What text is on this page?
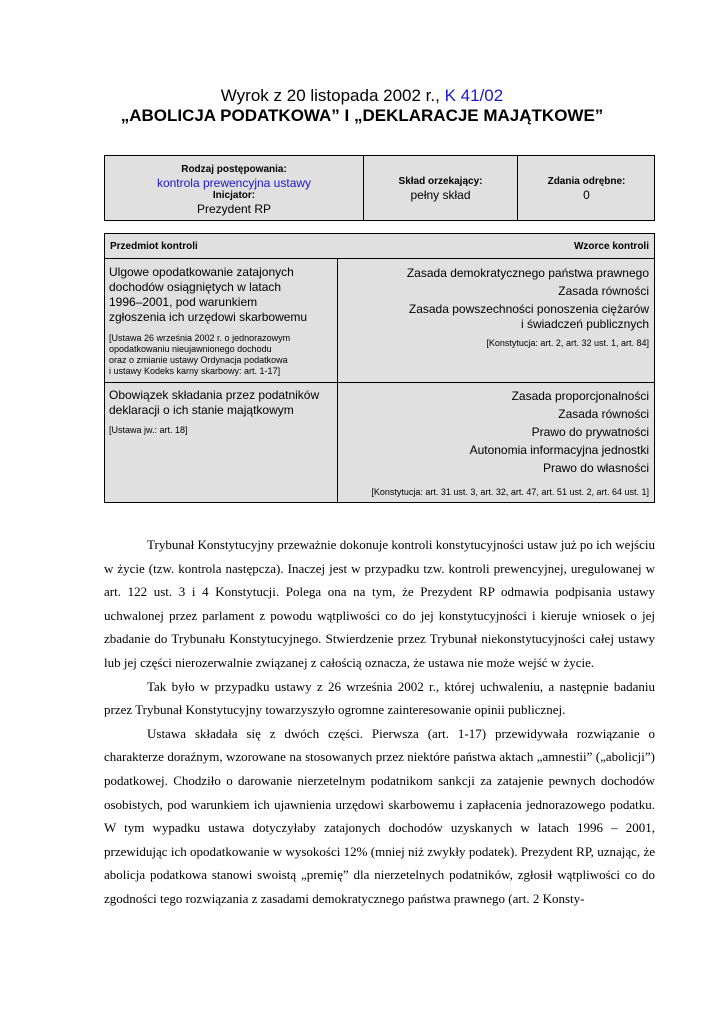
Wyrok z 20 listopada 2002 r., K 41/02
„ABOLICJA PODATKOWA” I „DEKLARACJE MAJĄTKOWE”
Rodzaj postępowania:
kontrola prewencyjna ustawy
Inicjator:
Prezydent RP
Skład orzekający:
pełny skład
Zdania odrębne:
0
Przedmiot kontroli	Wzorce kontroli
Ulgowe opodatkowanie zatajonych
dochodów osiągniętych w latach
1996–2001, pod warunkiem
zgłoszenia ich urzędowi skarbowemu
[Ustawa 26 września 2002 r. o jednorazowym
opodatkowaniu nieujawnionego dochodu
oraz o zmianie ustawy Ordynacja podatkowa
i ustawy Kodeks karny skarbowy: art. 1-17]
Zasada demokratycznego państwa prawnego
Zasada równości
Zasada powszechności ponoszenia ciężarów
i świadczeń publicznych
[Konstytucja: art. 2, art. 32 ust. 1, art. 84]
Obowiązek składania przez podatników
deklaracji o ich stanie majątkowym
[Ustawa jw.: art. 18]
Zasada proporcjonalności
Zasada równości
Prawo do prywatności
Autonomia informacyjna jednostki
Prawo do własności
[Konstytucja: art. 31 ust. 3, art. 32, art. 47, art. 51 ust. 2, art. 64 ust. 1]

Trybunał Konstytucyjny przeważnie dokonuje kontroli konstytucyjności ustaw już po ich wejściu w życie (tzw. kontrola następcza). Inaczej jest w przypadku tzw. kontroli prewencyjnej, uregulowanej w art. 122 ust. 3 i 4 Konstytucji. Polega ona na tym, że Prezydent RP odmawia podpisania ustawy uchwalonej przez parlament z powodu wątpliwości co do jej konstytucyjności i kieruje wniosek o jej zbadanie do Trybunału Konstytucyjnego. Stwierdzenie przez Trybunał niekonstytucyjności całej ustawy lub jej części nierozerwalnie związanej z całością oznacza, że ustawa nie może wejść w życie.

Tak było w przypadku ustawy z 26 września 2002 r., której uchwaleniu, a następnie badaniu przez Trybunał Konstytucyjny towarzyszyło ogromne zainteresowanie opinii publicznej.

Ustawa składała się z dwóch części. Pierwsza (art. 1-17) przewidywała rozwiązanie o charakterze doraźnym, wzorowane na stosowanych przez niektóre państwa aktach „amnestii” („abolicji”) podatkowej. Chodziło o darowanie nierzetelnym podatnikom sankcji za zatajenie pewnych dochodów osobistych, pod warunkiem ich ujawnienia urzędowi skarbowemu i zapłacenia jednorazowego podatku. W tym wypadku ustawa dotyczyłaby zatajonych dochodów uzyskanych w latach 1996 – 2001, przewidując ich opodatkowanie w wysokości 12% (mniej niż zwykły podatek). Prezydent RP, uznając, że abolicja podatkowa stanowi swoistą „premię” dla nierzetelnych podatników, zgłosił wątpliwości co do zgodności tego rozwiązania z zasadami demokratycznego państwa prawnego (art. 2 Konsty-
